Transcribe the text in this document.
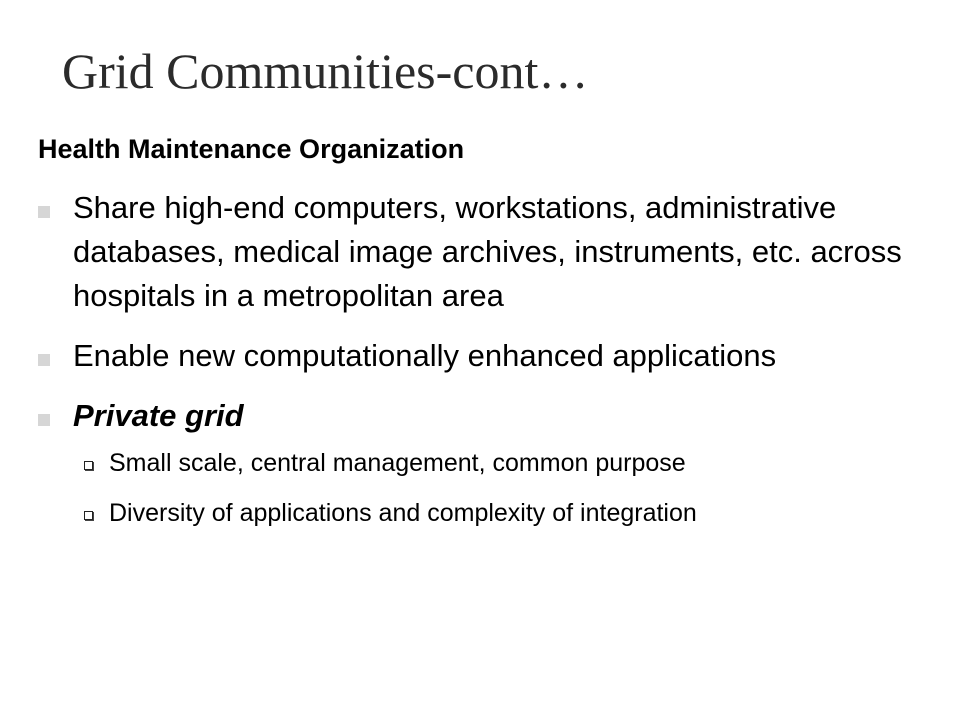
Grid Communities-cont…
Health Maintenance Organization
Share high-end computers, workstations, administrative databases, medical image archives, instruments, etc. across hospitals in a metropolitan area
Enable new computationally enhanced applications
Private grid
Small scale, central management, common purpose
Diversity of applications and complexity of integration
